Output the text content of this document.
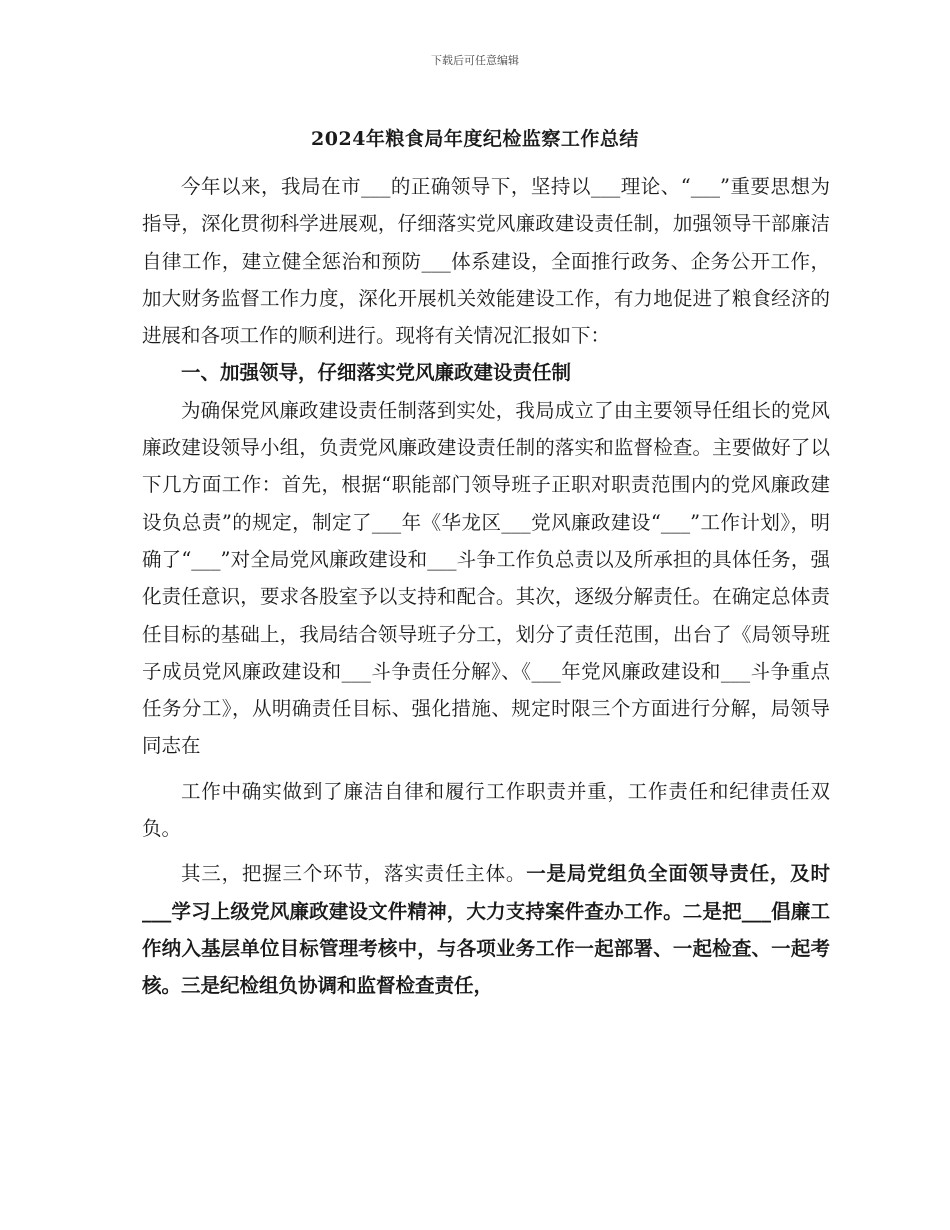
下载后可任意编辑
2024年粮食局年度纪检监察工作总结

今年以来，我局在市___的正确领导下，坚持以___理论、“___”重要思想为指导，深化贯彻科学进展观，仔细落实党风廉政建设责任制，加强领导干部廉洁自律工作，建立健全惩治和预防___体系建设，全面推行政务、企务公开工作，加大财务监督工作力度，深化开展机关效能建设工作，有力地促进了粮食经济的进展和各项工作的顺利进行。现将有关情况汇报如下：

一、加强领导，仔细落实党风廉政建设责任制

为确保党风廉政建设责任制落到实处，我局成立了由主要领导任组长的党风廉政建设领导小组，负责党风廉政建设责任制的落实和监督检查。主要做好了以下几方面工作：首先，根据“职能部门领导班子正职对职责范围内的党风廉政建设负总责”的规定，制定了___年《华龙区___党风廉政建设“___”工作计划》，明确了“___”对全局党风廉政建设和___斗争工作负总责以及所承担的具体任务，强化责任意识，要求各股室予以支持和配合。其次，逐级分解责任。在确定总体责任目标的基础上，我局结合领导班子分工，划分了责任范围，出台了《局领导班子成员党风廉政建设和___斗争责任分解》、《___年党风廉政建设和___斗争重点任务分工》，从明确责任目标、强化措施、规定时限三个方面进行分解，局领导同志在

工作中确实做到了廉洁自律和履行工作职责并重，工作责任和纪律责任双负。

其三，把握三个环节，落实责任主体。一是局党组负全面领导责任，及时___学习上级党风廉政建设文件精神，大力支持案件查办工作。二是把___倡廉工作纳入基层单位目标管理考核中，与各项业务工作一起部署、一起检查、一起考核。三是纪检组负协调和监督检查责任，
